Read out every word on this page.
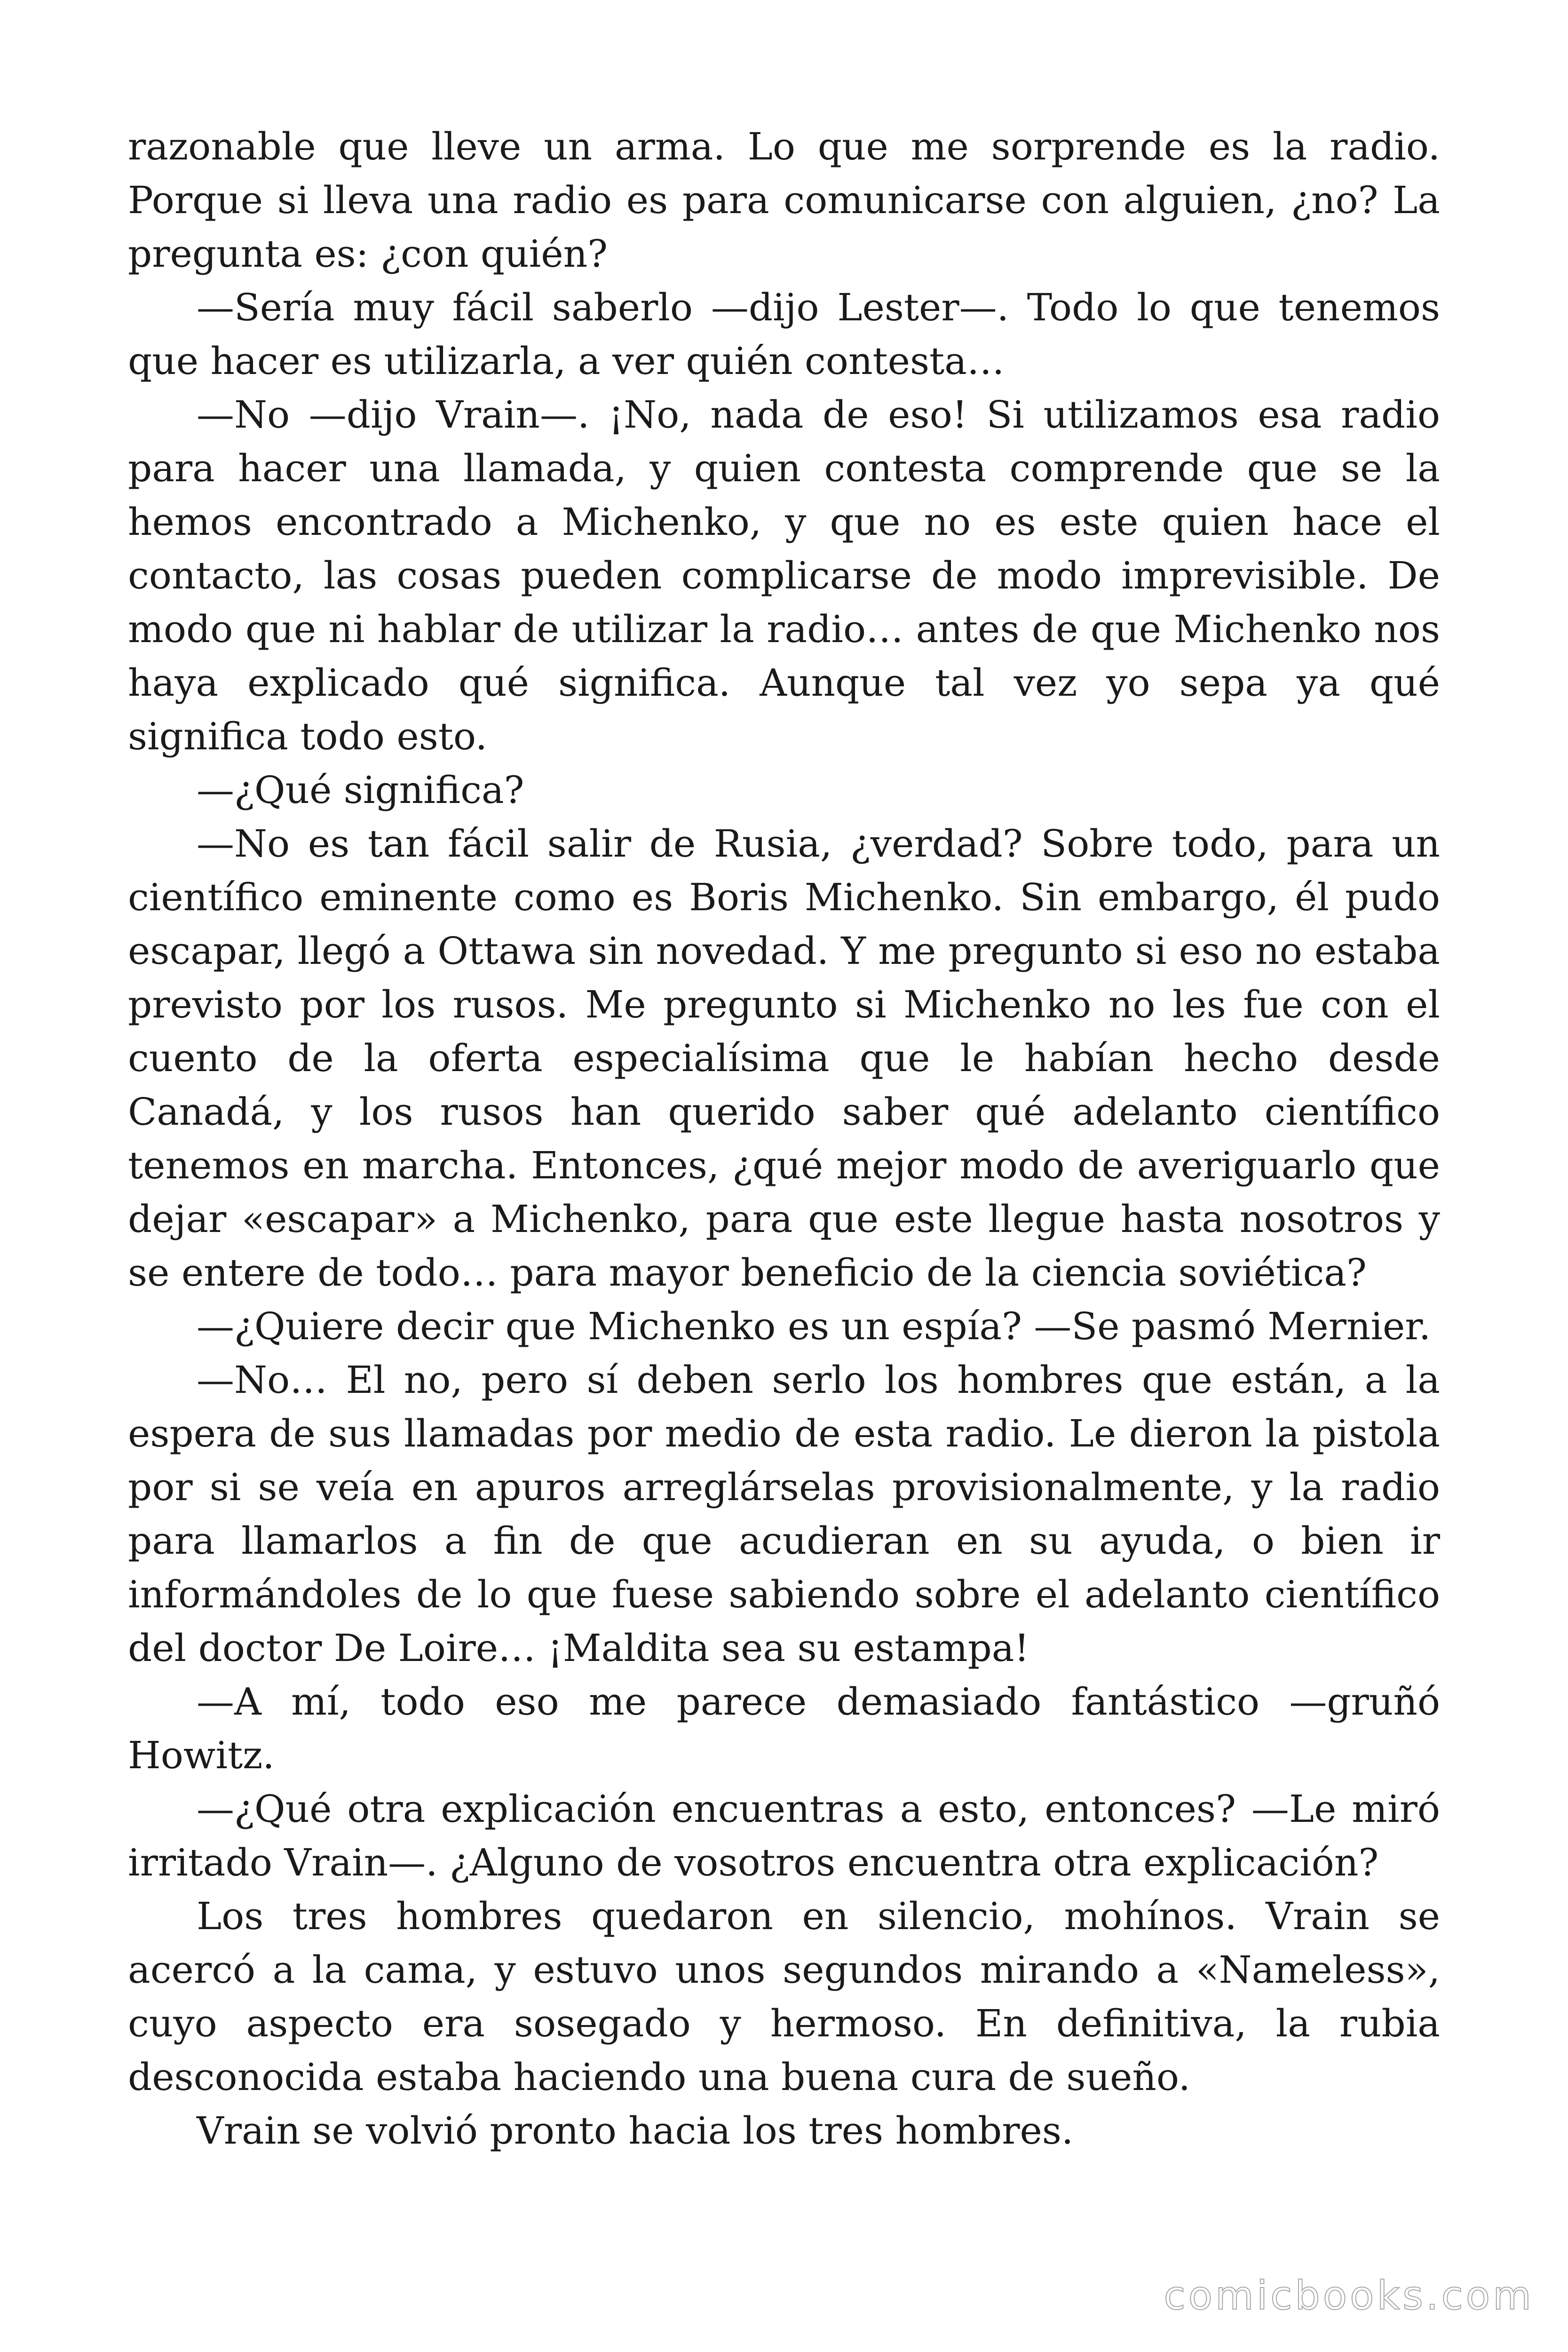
razonable que lleve un arma. Lo que me sorprende es la radio. Porque si lleva una radio es para comunicarse con alguien, ¿no? La pregunta es: ¿con quién?

—Sería muy fácil saberlo —dijo Lester—. Todo lo que tenemos que hacer es utilizarla, a ver quién contesta…

—No —dijo Vrain—. ¡No, nada de eso! Si utilizamos esa radio para hacer una llamada, y quien contesta comprende que se la hemos encontrado a Michenko, y que no es este quien hace el contacto, las cosas pueden complicarse de modo imprevisible. De modo que ni hablar de utilizar la radio… antes de que Michenko nos haya explicado qué significa. Aunque tal vez yo sepa ya qué significa todo esto.

—¿Qué significa?

—No es tan fácil salir de Rusia, ¿verdad? Sobre todo, para un científico eminente como es Boris Michenko. Sin embargo, él pudo escapar, llegó a Ottawa sin novedad. Y me pregunto si eso no estaba previsto por los rusos. Me pregunto si Michenko no les fue con el cuento de la oferta especialísima que le habían hecho desde Canadá, y los rusos han querido saber qué adelanto científico tenemos en marcha. Entonces, ¿qué mejor modo de averiguarlo que dejar «escapar» a Michenko, para que este llegue hasta nosotros y se entere de todo… para mayor beneficio de la ciencia soviética?

—¿Quiere decir que Michenko es un espía? —Se pasmó Mernier.

—No… El no, pero sí deben serlo los hombres que están, a la espera de sus llamadas por medio de esta radio. Le dieron la pistola por si se veía en apuros arreglárselas provisionalmente, y la radio para llamarlos a fin de que acudieran en su ayuda, o bien ir informándoles de lo que fuese sabiendo sobre el adelanto científico del doctor De Loire… ¡Maldita sea su estampa!

—A mí, todo eso me parece demasiado fantástico —gruñó Howitz.

—¿Qué otra explicación encuentras a esto, entonces? —Le miró irritado Vrain—. ¿Alguno de vosotros encuentra otra explicación?

Los tres hombres quedaron en silencio, mohínos. Vrain se acercó a la cama, y estuvo unos segundos mirando a «Nameless», cuyo aspecto era sosegado y hermoso. En definitiva, la rubia desconocida estaba haciendo una buena cura de sueño.

Vrain se volvió pronto hacia los tres hombres.

comicbooks.com
